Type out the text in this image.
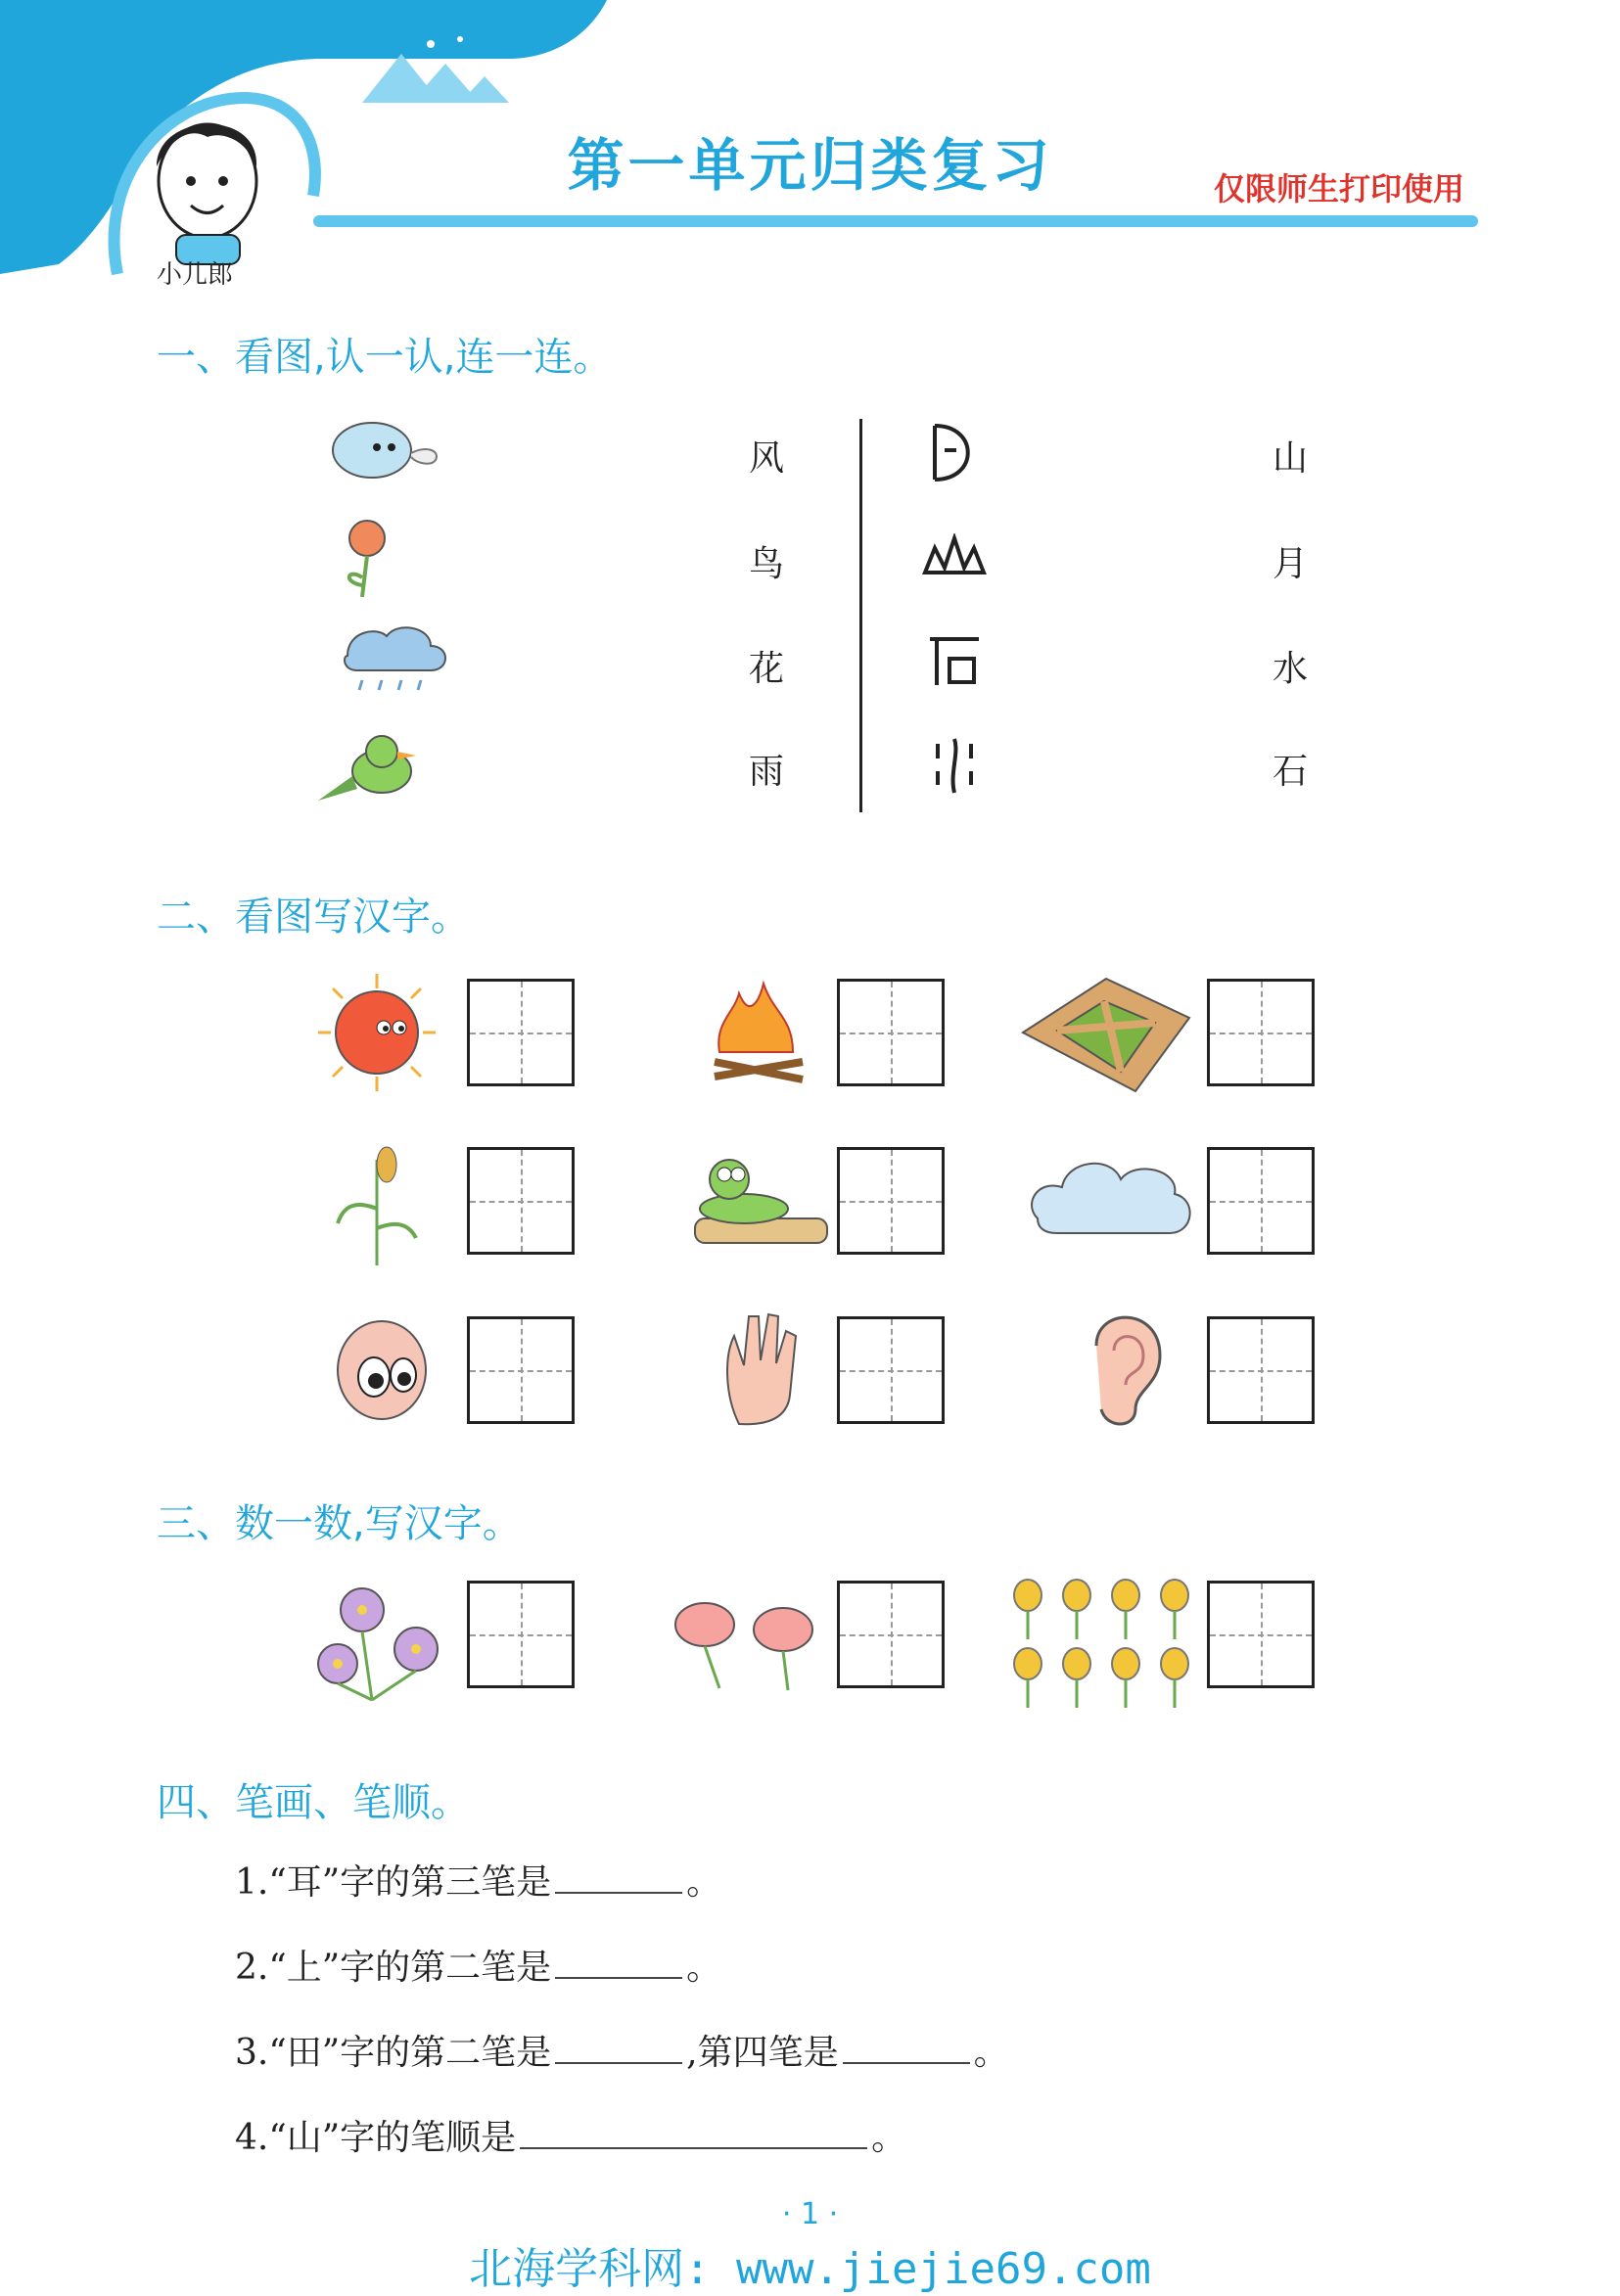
第一单元归类复习	仅限师生打印使用
小儿郎
一、看图,认一认,连一连。
风
鸟
花
雨
山
月
水
石
二、看图写汉字。
三、数一数,写汉字。
四、笔画、笔顺。
1.“耳”字的第三笔是	。
2.“上”字的第二笔是	。
3.“田”字的第二笔是	,第四笔是	。
4.“山”字的笔顺是	。
· 1 ·
北海学科网: www.jiejie69.com
